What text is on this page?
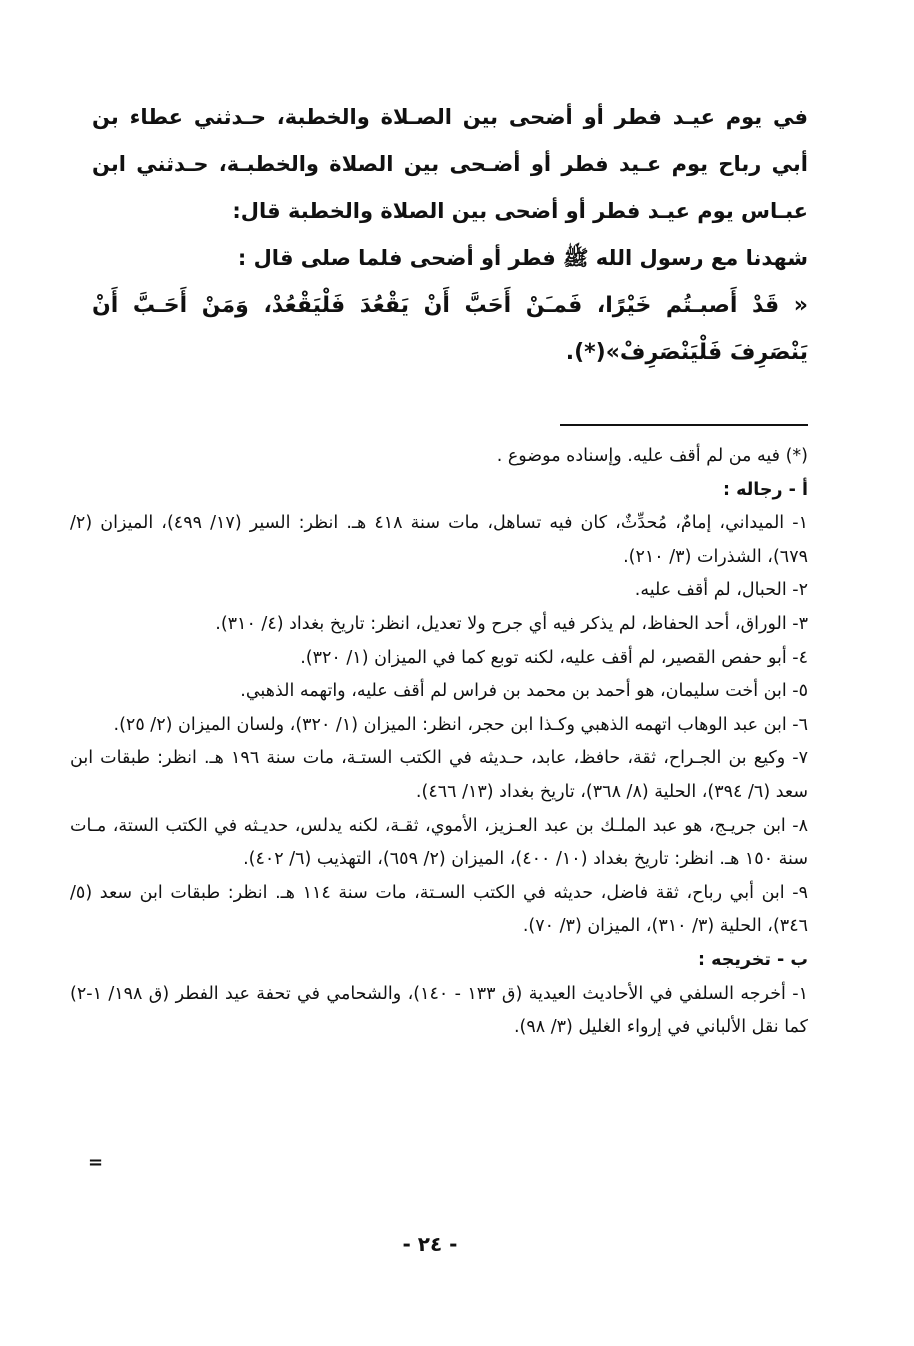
في يوم عيـد فطر أو أضحى بين الصـلاة والخطبة، حـدثني عطاء بن أبي رباح يوم عـيد فطر أو أضـحى بين الصلاة والخطبـة، حـدثني ابن عبـاس يوم عيـد فطر أو أضحى بين الصلاة والخطبة قال:

شهدنا مع رسول الله ﷺ فطر أو أضحى فلما صلى قال :

« قَدْ أَصبـتُم خَيْرًا، فَمـَنْ أَحَبَّ أَنْ يَقْعُدَ فَلْيَقْعُدْ، وَمَنْ أَحَـبَّ أَنْ يَنْصَرِفَ فَلْيَنْصَرِفْ»(*).

(*) فيه من لم أقف عليه. وإسناده موضوع .

أ - رجاله :

١- الميداني، إمامٌ، مُحدِّثٌ، كان فيه تساهل، مات سنة ٤١٨ هـ. انظر: السير (١٧/ ٤٩٩)، الميزان (٢/ ٦٧٩)، الشذرات (٣/ ٢١٠).

٢- الحبال، لم أقف عليه.

٣- الوراق، أحد الحفاظ، لم يذكر فيه أي جرح ولا تعديل، انظر: تاريخ بغداد (٤/ ٣١٠).

٤- أبو حفص القصير، لم أقف عليه، لكنه توبع كما في الميزان (١/ ٣٢٠).

٥- ابن أخت سليمان، هو أحمد بن محمد بن فراس لم أقف عليه، واتهمه الذهبي.

٦- ابن عبد الوهاب اتهمه الذهبي وكـذا ابن حجر، انظر: الميزان (١/ ٣٢٠)، ولسان الميزان (٢/ ٢٥).

٧- وكيع بن الجـراح، ثقة، حافظ، عابد، حـديثه في الكتب الستـة، مات سنة ١٩٦ هـ. انظر: طبقات ابن سعد (٦/ ٣٩٤)، الحلية (٨/ ٣٦٨)، تاريخ بغداد (١٣/ ٤٦٦).

٨- ابن جريـج، هو عبد الملـك بن عبد العـزيز، الأموي، ثقـة، لكنه يدلس، حديـثه في الكتب الستة، مـات سنة ١٥٠ هـ. انظر: تاريخ بغداد (١٠/ ٤٠٠)، الميزان (٢/ ٦٥٩)، التهذيب (٦/ ٤٠٢).

٩- ابن أبي رباح، ثقة فاضل، حديثه في الكتب السـتة، مات سنة ١١٤ هـ. انظر: طبقات ابن سعد (٥/ ٣٤٦)، الحلية (٣/ ٣١٠)، الميزان (٣/ ٧٠).

ب - تخريجه :

١- أخرجه السلفي في الأحاديث العيدية (ق ١٣٣ - ١٤٠)، والشحامي في تحفة عيد الفطر (ق ١٩٨/ ١-٢) كما نقل الألباني في إرواء الغليل (٣/ ٩٨).

=
- ٢٤ -
